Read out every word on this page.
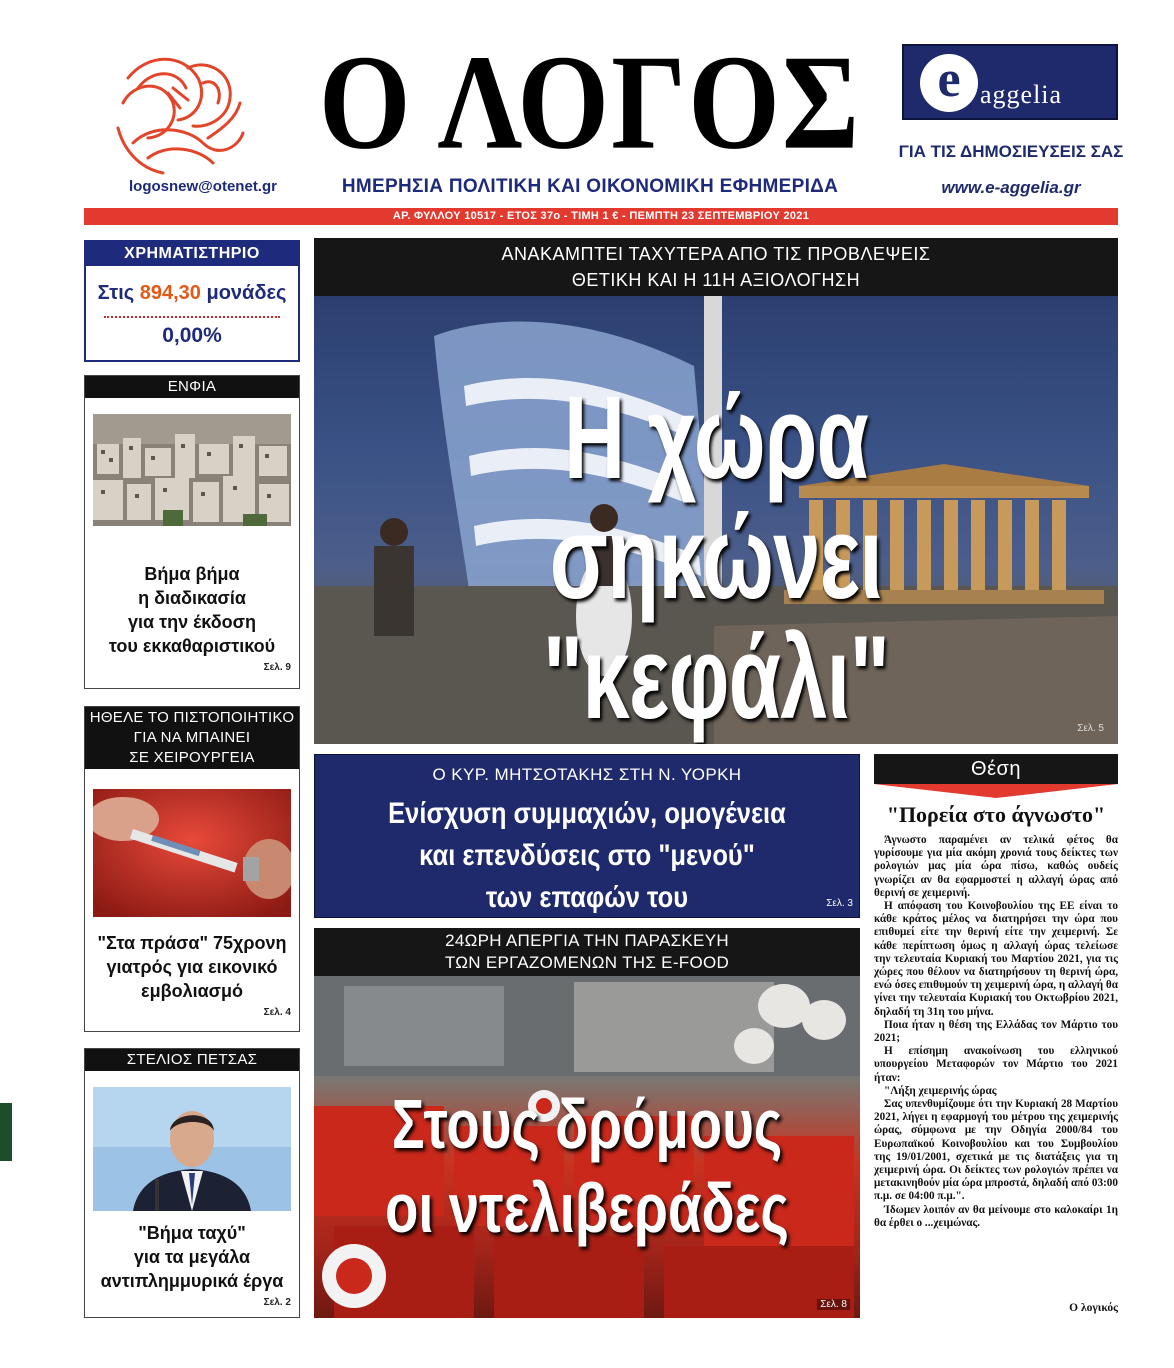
logosnew@otenet.gr
Ο ΛΟΓΟΣ
ΗΜΕΡΗΣΙΑ ΠΟΛΙΤΙΚΗ ΚΑΙ ΟΙΚΟΝΟΜΙΚΗ ΕΦΗΜΕΡΙΔΑ
e aggelia
ΓΙΑ ΤΙΣ ΔΗΜΟΣΙΕΥΣΕΙΣ ΣΑΣ
www.e-aggelia.gr
ΑΡ. ΦΥΛΛΟΥ 10517 - ΕΤΟΣ 37ο - ΤΙΜΗ 1 € - ΠΕΜΠΤΗ 23 ΣΕΠΤΕΜΒΡΙΟΥ 2021
ΧΡΗΜΑΤΙΣΤΗΡΙΟ
Στις 894,30 μονάδες
0,00%
ΕΝΦΙΑ
Βήμα βήμα
η διαδικασία
για την έκδοση
του εκκαθαριστικού
Σελ. 9
ΗΘΕΛΕ ΤΟ ΠΙΣΤΟΠΟΙΗΤΙΚΟ
ΓΙΑ ΝΑ ΜΠΑΙΝΕΙ
ΣΕ ΧΕΙΡΟΥΡΓΕΙΑ
"Στα πράσα" 75χρονη
γιατρός για εικονικό
εμβολιασμό
Σελ. 4
ΣΤΕΛΙΟΣ ΠΕΤΣΑΣ
"Βήμα ταχύ"
για τα μεγάλα
αντιπλημμυρικά έργα
Σελ. 2
ΑΝΑΚΑΜΠΤΕΙ ΤΑΧΥΤΕΡΑ ΑΠΟ ΤΙΣ ΠΡΟΒΛΕΨΕΙΣ
ΘΕΤΙΚΗ ΚΑΙ Η 11Η ΑΞΙΟΛΟΓΗΣΗ
Η χώρα
σηκώνει "κεφάλι"	Σελ. 5
Ο ΚΥΡ. ΜΗΤΣΟΤΑΚΗΣ ΣΤΗ Ν. ΥΟΡΚΗ
Ενίσχυση συμμαχιών, ομογένεια
και επενδύσεις στο "μενού"
των επαφών του	Σελ. 3
24ΩΡΗ ΑΠΕΡΓΙΑ ΤΗΝ ΠΑΡΑΣΚΕΥΗ
ΤΩΝ ΕΡΓΑΖΟΜΕΝΩΝ ΤΗΣ E-FOOD
Στους δρόμους
οι ντελιβεράδες
Σελ. 8
Θέση
"Πορεία στο άγνωστο"

Άγνωστο παραμένει αν τελικά φέτος θα γυρίσουμε για μία ακόμη χρονιά τους δείκτες των ρολογιών μας μία ώρα πίσω, καθώς ουδείς γνωρίζει αν θα εφαρμοστεί η αλλαγή ώρας από θερινή σε χειμερινή.

Η απόφαση του Κοινοβουλίου της ΕΕ είναι το κάθε κράτος μέλος να διατηρήσει την ώρα που επιθυμεί είτε την θερινή είτε την χειμερινή. Σε κάθε περίπτωση όμως η αλλαγή ώρας τελείωσε την τελευταία Κυριακή του Μαρτίου 2021, για τις χώρες που θέλουν να διατηρήσουν τη θερινή ώρα, ενώ όσες επιθυμούν τη χειμερινή ώρα, η αλλαγή θα γίνει την τελευταία Κυριακή του Οκτωβρίου 2021, δηλαδή τη 31η του μήνα.

Ποια ήταν η θέση της Ελλάδας τον Μάρτιο του 2021;

Η επίσημη ανακοίνωση του ελληνικού υπουργείου Μεταφορών τον Μάρτιο του 2021 ήταν:

"Λήξη χειμερινής ώρας

Σας υπενθυμίζουμε ότι την Κυριακή 28 Μαρτίου 2021, λήγει η εφαρμογή του μέτρου της χειμερινής ώρας, σύμφωνα με την Οδηγία 2000/84 του Ευρωπαϊκού Κοινοβουλίου και του Συμβουλίου της 19/01/2001, σχετικά με τις διατάξεις για τη χειμερινή ώρα. Οι δείκτες των ρολογιών πρέπει να μετακινηθούν μία ώρα μπροστά, δηλαδή από 03:00 π.μ. σε 04:00 π.μ.".

Ίδωμεν λοιπόν αν θα μείνουμε στο καλοκαίρι 1η θα έρθει ο ...χειμώνας.

Ο λογικός
